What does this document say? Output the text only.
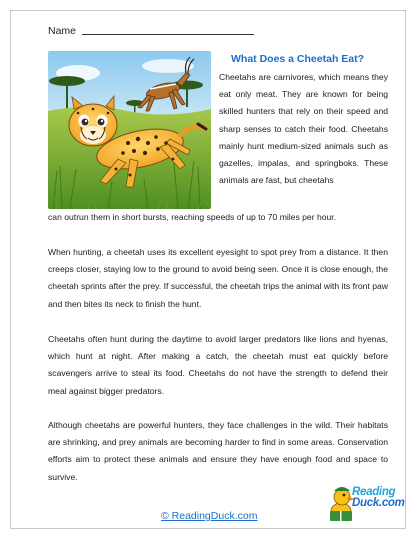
Name
What Does a Cheetah Eat?

Cheetahs are carnivores, which means they eat only meat. They are known for being skilled hunters that rely on their speed and sharp senses to catch their food. Cheetahs mainly hunt medium-sized animals such as gazelles, impalas, and springboks. These animals are fast, but cheetahs

can outrun them in short bursts, reaching speeds of up to 70 miles per hour.

When hunting, a cheetah uses its excellent eyesight to spot prey from a distance. It then creeps closer, staying low to the ground to avoid being seen. Once it is close enough, the cheetah sprints after the prey. If successful, the cheetah trips the animal with its front paw and then bites its neck to finish the hunt.

Cheetahs often hunt during the daytime to avoid larger predators like lions and hyenas, which hunt at night. After making a catch, the cheetah must eat quickly before scavengers arrive to steal its food. Cheetahs do not have the strength to defend their meal against bigger predators.

Although cheetahs are powerful hunters, they face challenges in the wild. Their habitats are shrinking, and prey animals are becoming harder to find in some areas. Conservation efforts aim to protect these animals and ensure they have enough food and space to survive.

© ReadingDuck.com
Reading
Duck.com
